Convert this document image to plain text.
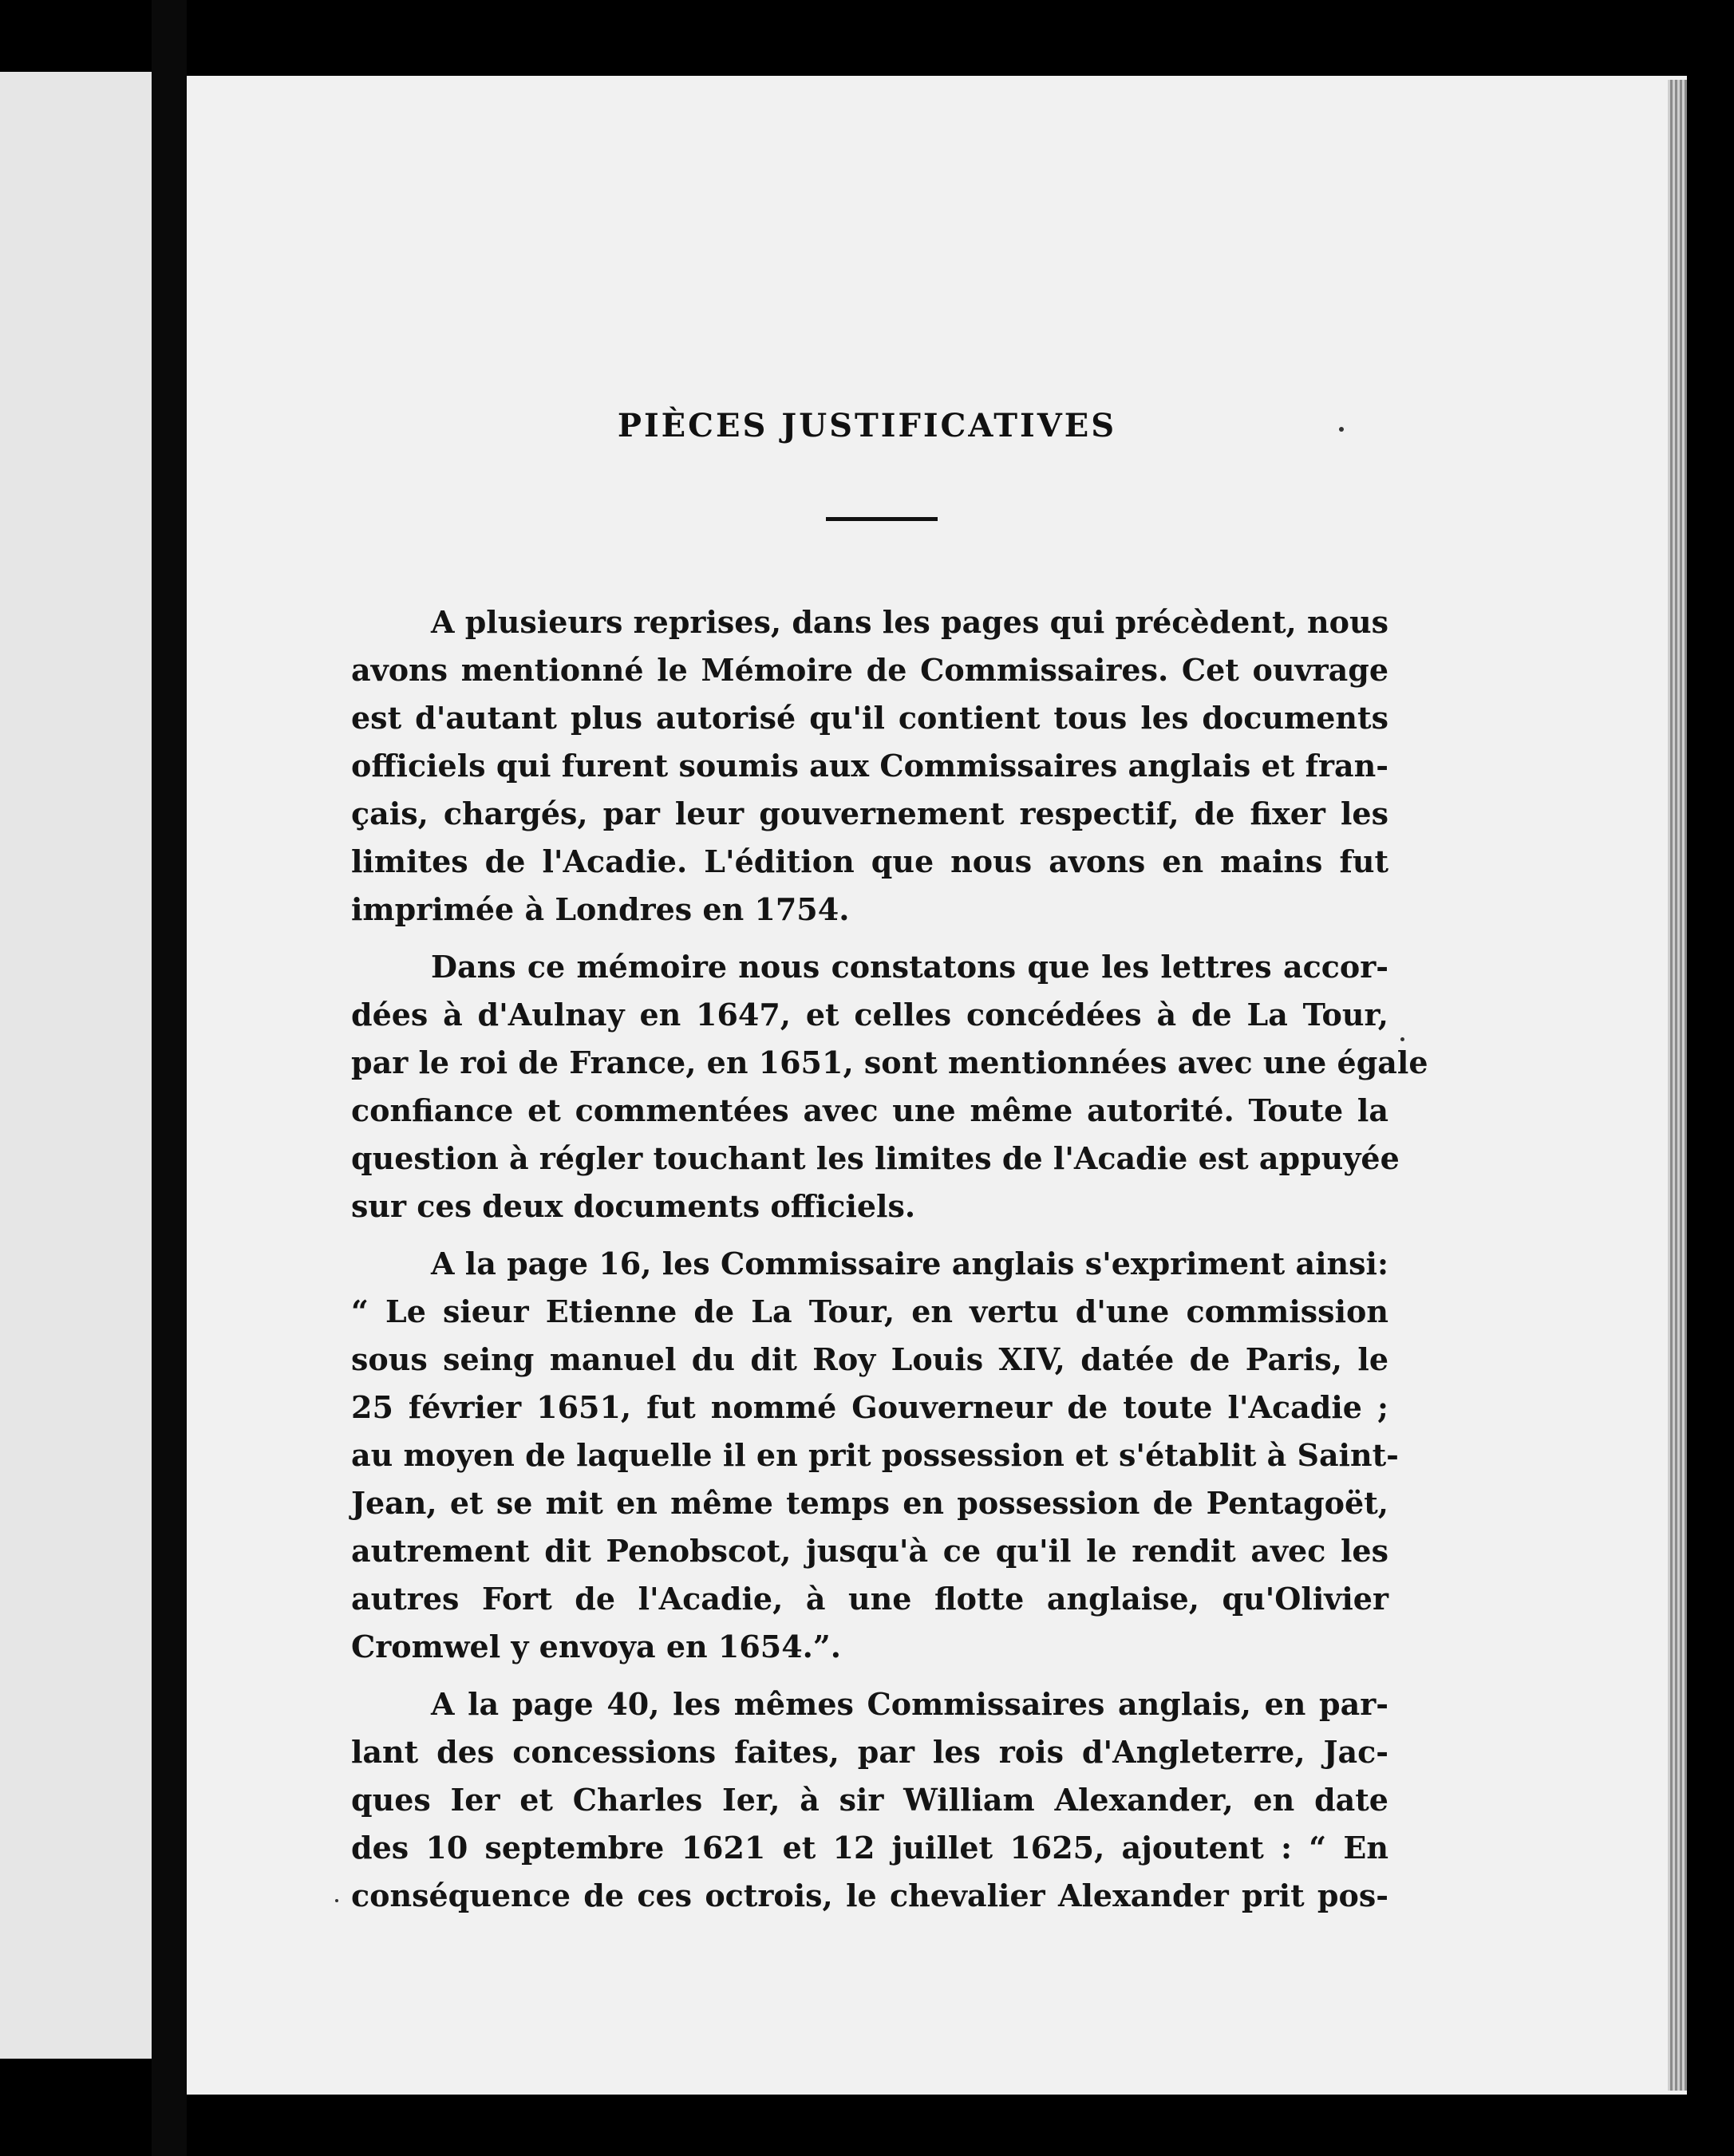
PIÈCES JUSTIFICATIVES
A plusieurs reprises, dans les pages qui précèdent, nous
avons mentionné le Mémoire de Commissaires. Cet ouvrage
est d'autant plus autorisé qu'il contient tous les documents
officiels qui furent soumis aux Commissaires anglais et fran-
çais, chargés, par leur gouvernement respectif, de fixer les
limites de l'Acadie. L'édition que nous avons en mains fut
imprimée à Londres en 1754.
Dans ce mémoire nous constatons que les lettres accor-
dées à d'Aulnay en 1647, et celles concédées à de La Tour,
par le roi de France, en 1651, sont mentionnées avec une égale
confiance et commentées avec une même autorité. Toute la
question à régler touchant les limites de l'Acadie est appuyée
sur ces deux documents officiels.
A la page 16, les Commissaire anglais s'expriment ainsi:
“ Le sieur Etienne de La Tour, en vertu d'une commission
sous seing manuel du dit Roy Louis XIV, datée de Paris, le
25 février 1651, fut nommé Gouverneur de toute l'Acadie ;
au moyen de laquelle il en prit possession et s'établit à Saint-
Jean, et se mit en même temps en possession de Pentagoët,
autrement dit Penobscot, jusqu'à ce qu'il le rendit avec les
autres Fort de l'Acadie, à une flotte anglaise, qu'Olivier
Cromwel y envoya en 1654.”.
A la page 40, les mêmes Commissaires anglais, en par-
lant des concessions faites, par les rois d'Angleterre, Jac-
ques Ier et Charles Ier, à sir William Alexander, en date
des 10 septembre 1621 et 12 juillet 1625, ajoutent : “ En
conséquence de ces octrois, le chevalier Alexander prit pos-
